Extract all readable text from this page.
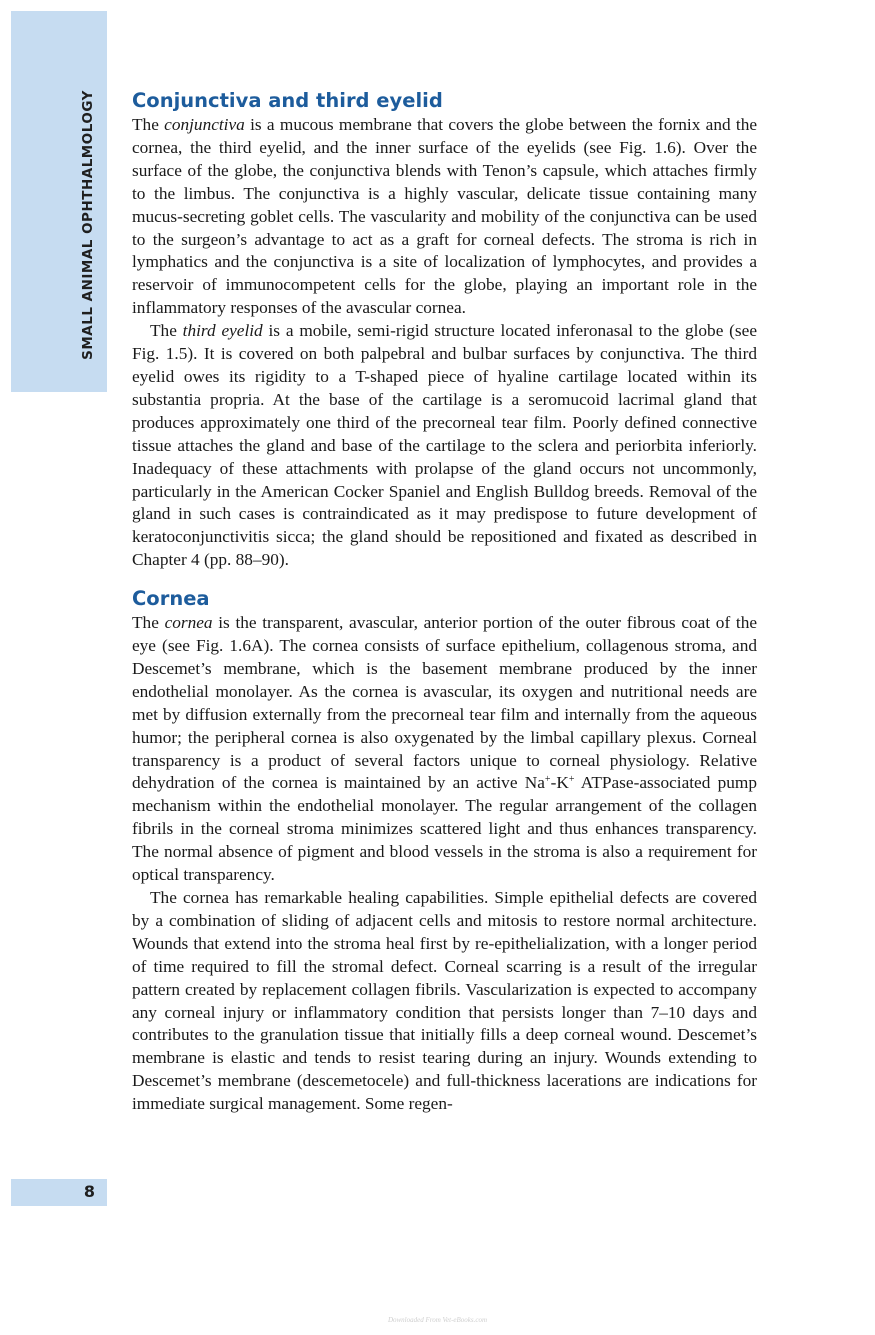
SMALL ANIMAL OPHTHALMOLOGY
8
Conjunctiva and third eyelid

The conjunctiva is a mucous membrane that covers the globe between the fornix and the cornea, the third eyelid, and the inner surface of the eyelids (see Fig. 1.6). Over the surface of the globe, the conjunctiva blends with Tenon’s capsule, which attaches firmly to the limbus. The conjunctiva is a highly vascular, delicate tissue containing many mucus-secreting goblet cells. The vascularity and mobility of the conjunctiva can be used to the surgeon’s advantage to act as a graft for corneal defects. The stroma is rich in lymphatics and the conjunctiva is a site of localization of lymphocytes, and provides a reservoir of immunocompetent cells for the globe, playing an important role in the inflammatory responses of the avascular cornea.

The third eyelid is a mobile, semi-rigid structure located inferonasal to the globe (see Fig. 1.5). It is covered on both palpebral and bulbar surfaces by conjunctiva. The third eyelid owes its rigidity to a T-shaped piece of hyaline cartilage located within its substantia propria. At the base of the cartilage is a seromucoid lacrimal gland that produces approximately one third of the precorneal tear film. Poorly defined connective tissue attaches the gland and base of the cartilage to the sclera and periorbita inferiorly. Inadequacy of these attachments with prolapse of the gland occurs not uncommonly, particularly in the American Cocker Spaniel and English Bulldog breeds. Removal of the gland in such cases is contraindicated as it may predispose to future development of keratoconjunctivitis sicca; the gland should be repositioned and fixated as described in Chapter 4 (pp. 88–90).

Cornea

The cornea is the transparent, avascular, anterior portion of the outer fibrous coat of the eye (see Fig. 1.6A). The cornea consists of surface epithelium, collagenous stroma, and Descemet’s membrane, which is the basement membrane produced by the inner endothelial monolayer. As the cornea is avascular, its oxygen and nutritional needs are met by diffusion externally from the precorneal tear film and internally from the aqueous humor; the peripheral cornea is also oxygenated by the limbal capillary plexus. Corneal transparency is a product of several factors unique to corneal physiology. Relative dehydration of the cornea is maintained by an active Na+-K+ ATPase-associated pump mechanism within the endothelial monolayer. The regular arrangement of the collagen fibrils in the corneal stroma minimizes scattered light and thus enhances transparency. The normal absence of pigment and blood vessels in the stroma is also a requirement for optical transparency.

The cornea has remarkable healing capabilities. Simple epithelial defects are covered by a combination of sliding of adjacent cells and mitosis to restore normal architecture. Wounds that extend into the stroma heal first by re-epithelialization, with a longer period of time required to fill the stromal defect. Corneal scarring is a result of the irregular pattern created by replacement collagen fibrils. Vascularization is expected to accompany any corneal injury or inflammatory condition that persists longer than 7–10 days and contributes to the granulation tissue that initially fills a deep corneal wound. Descemet’s membrane is elastic and tends to resist tearing during an injury. Wounds extending to Descemet’s membrane (descemetocele) and full-thickness lacerations are indications for immediate surgical management. Some regen-

Downloaded From Vet-eBooks.com
